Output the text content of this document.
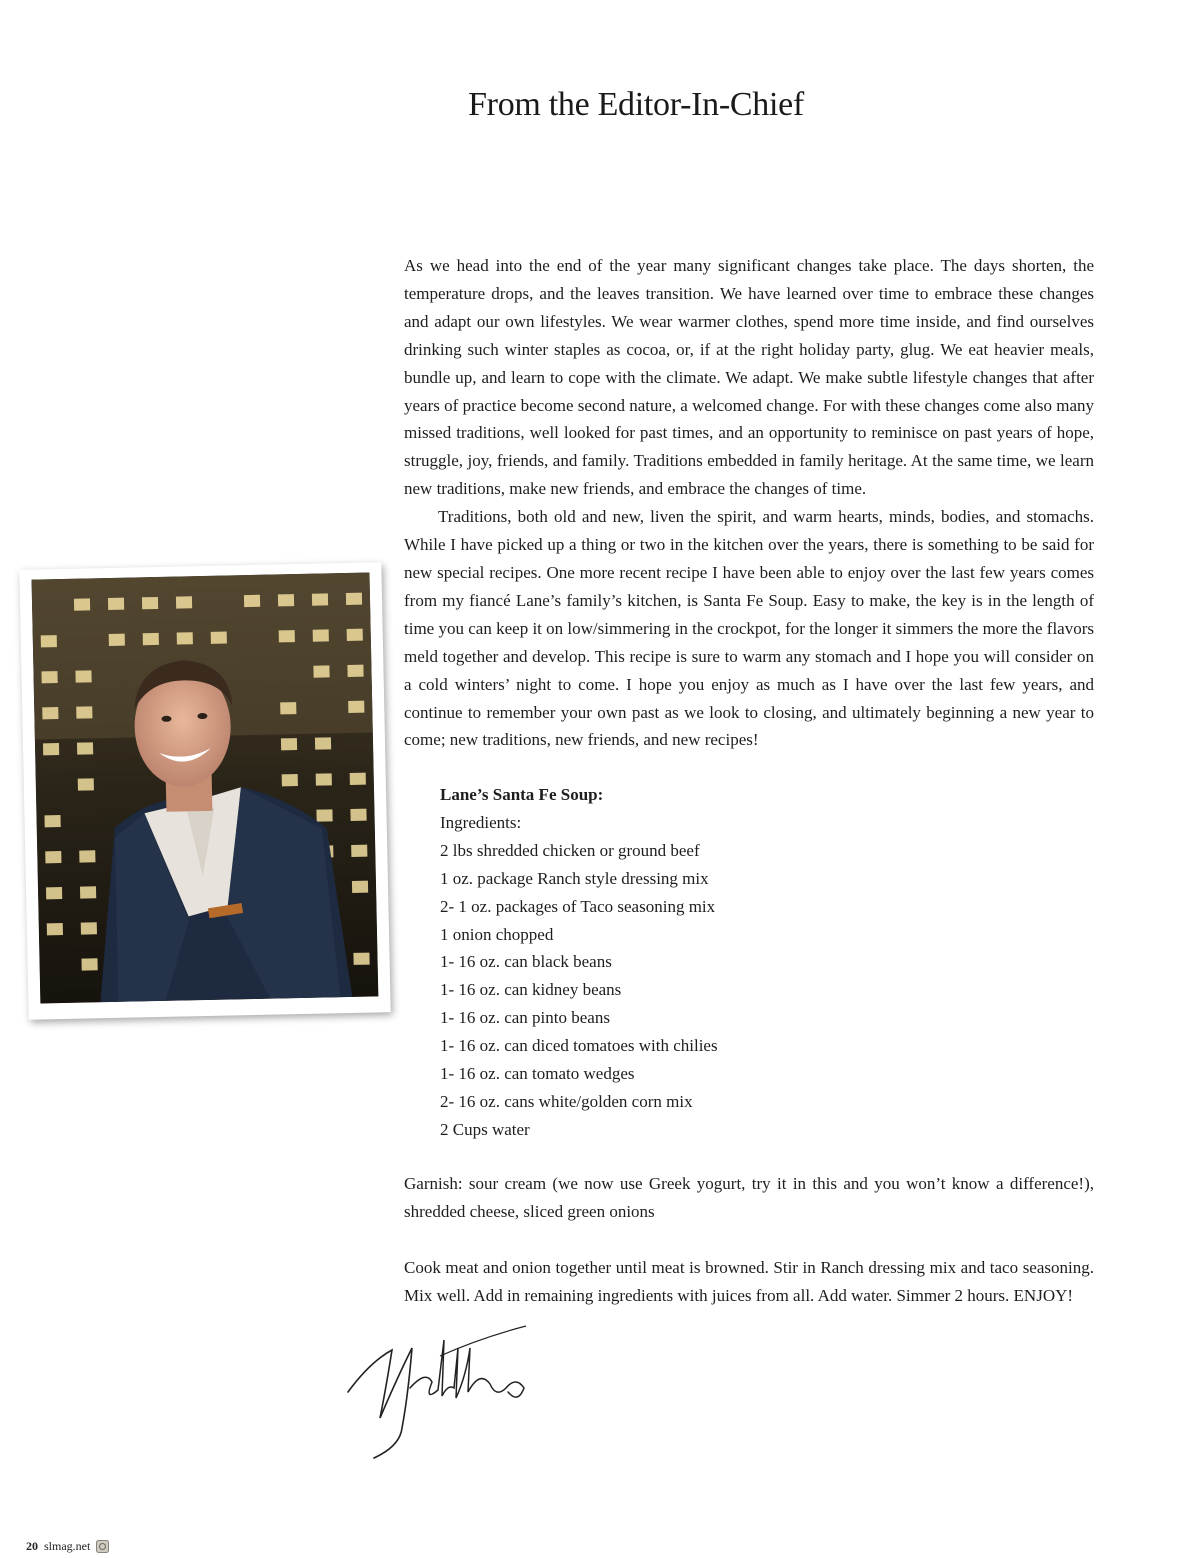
From the Editor-In-Chief

As we head into the end of the year many significant changes take place. The days shorten, the temperature drops, and the leaves transition. We have learned over time to embrace these changes and adapt our own lifestyles. We wear warmer clothes, spend more time inside, and find ourselves drinking such winter staples as cocoa, or, if at the right holiday party, glug. We eat heavier meals, bundle up, and learn to cope with the climate. We adapt. We make subtle lifestyle changes that after years of practice become second nature, a welcomed change. For with these changes come also many missed traditions, well looked for past times, and an opportunity to reminisce on past years of hope, struggle, joy, friends, and family. Traditions embedded in family heritage. At the same time, we learn new traditions, make new friends, and embrace the changes of time.

Traditions, both old and new, liven the spirit, and warm hearts, minds, bodies, and stomachs. While I have picked up a thing or two in the kitchen over the years, there is something to be said for new special recipes. One more recent recipe I have been able to enjoy over the last few years comes from my fiancé Lane’s family’s kitchen, is Santa Fe Soup. Easy to make, the key is in the length of time you can keep it on low/simmering in the crockpot, for the longer it simmers the more the flavors meld together and develop. This recipe is sure to warm any stomach and I hope you will consider on a cold winters’ night to come. I hope you enjoy as much as I have over the last few years, and continue to remember your own past as we look to closing, and ultimately beginning a new year to come; new traditions, new friends, and new recipes!

Lane’s Santa Fe Soup:
Ingredients:
2 lbs shredded chicken or ground beef
1 oz. package Ranch style dressing mix
2- 1 oz. packages of Taco seasoning mix
1 onion chopped
1- 16 oz. can black beans
1- 16 oz. can kidney beans
1- 16 oz. can pinto beans
1- 16 oz. can diced tomatoes with chilies
1- 16 oz. can tomato wedges
2- 16 oz. cans white/golden corn mix
2 Cups water

Garnish: sour cream (we now use Greek yogurt, try it in this and you won’t know a difference!), shredded cheese, sliced green onions

Cook meat and onion together until meat is browned. Stir in Ranch dressing mix and taco seasoning. Mix well. Add in remaining ingredients with juices from all. Add water. Simmer 2 hours. ENJOY!

20 slmag.net
